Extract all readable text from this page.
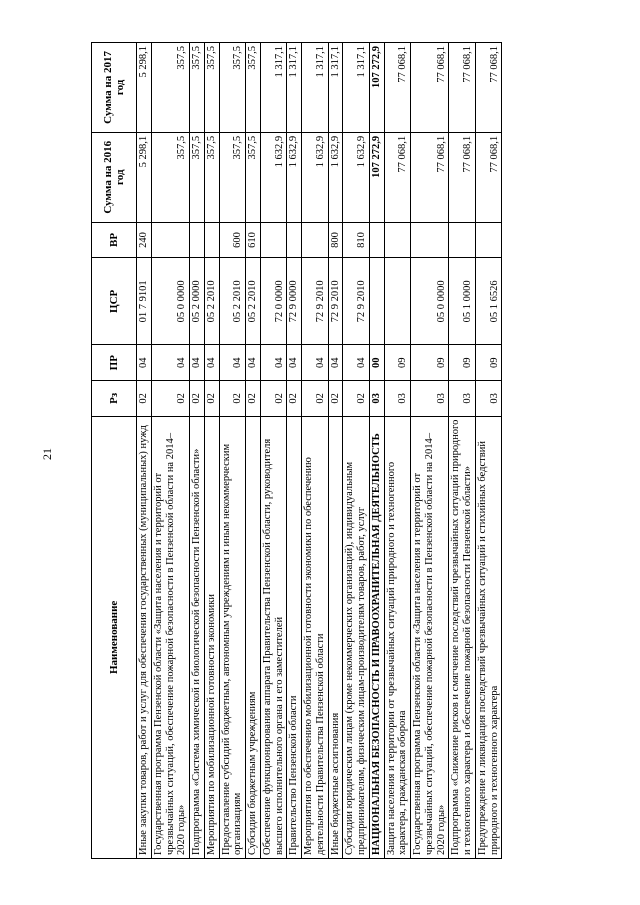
21
Наименование	Рз	ПР	ЦСР	ВР	Сумма на 2016 год	Сумма на 2017 год
Иные закупки товаров, работ и услуг для обеспечения государственных (муниципальных) нужд	02	04	01 7 9101	240	5 298,1	5 298,1
Государственная программа Пензенской области «Защита населения и территорий от чрезвычайных ситуаций, обеспечение пожарной безопасности в Пензенской области на 2014–2020 годы»	02	04	05 0 0000		357,5	357,5
Подпрограмма «Система химической и биологической безопасности Пензенской области»	02	04	05 2 0000		357,5	357,5
Мероприятия по мобилизационной готовности экономики	02	04	05 2 2010		357,5	357,5
Предоставление субсидий бюджетным, автономным учреждениям и иным некоммерческим организациям	02	04	05 2 2010	600	357,5	357,5
Субсидии бюджетным учреждениям	02	04	05 2 2010	610	357,5	357,5
Обеспечение функционирования аппарата Правительства Пензенской области, руководителя высшего исполнительного органа и его заместителей	02	04	72 0 0000		1 632,9	1 317,1
Правительство Пензенской области	02	04	72 9 0000		1 632,9	1 317,1
Мероприятия по обеспечению мобилизационной готовности экономики по обеспечению деятельности Правительства Пензенской области	02	04	72 9 2010		1 632,9	1 317,1
Иные бюджетные ассигнования	02	04	72 9 2010	800	1 632,9	1 317,1
Субсидии юридическим лицам (кроме некоммерческих организаций), индивидуальным предпринимателям, физическим лицам-производителям товаров, работ, услуг	02	04	72 9 2010	810	1 632,9	1 317,1
НАЦИОНАЛЬНАЯ БЕЗОПАСНОСТЬ И ПРАВООХРАНИТЕЛЬНАЯ ДЕЯТЕЛЬНОСТЬ	03	00			107 272,9	107 272,9
Защита населения и территории от чрезвычайных ситуаций природного и техногенного характера, гражданская оборона	03	09			77 068,1	77 068,1
Государственная программа Пензенской области «Защита населения и территорий от чрезвычайных ситуаций, обеспечение пожарной безопасности в Пензенской области на 2014–2020 годы»	03	09	05 0 0000		77 068,1	77 068,1
Подпрограмма «Снижение рисков и смягчение последствий чрезвычайных ситуаций природного и техногенного характера и обеспечение пожарной безопасности Пензенской области»	03	09	05 1 0000		77 068,1	77 068,1
Предупреждение и ликвидация последствий чрезвычайных ситуаций и стихийных бедствий природного и техногенного характера	03	09	05 1 6526		77 068,1	77 068,1
